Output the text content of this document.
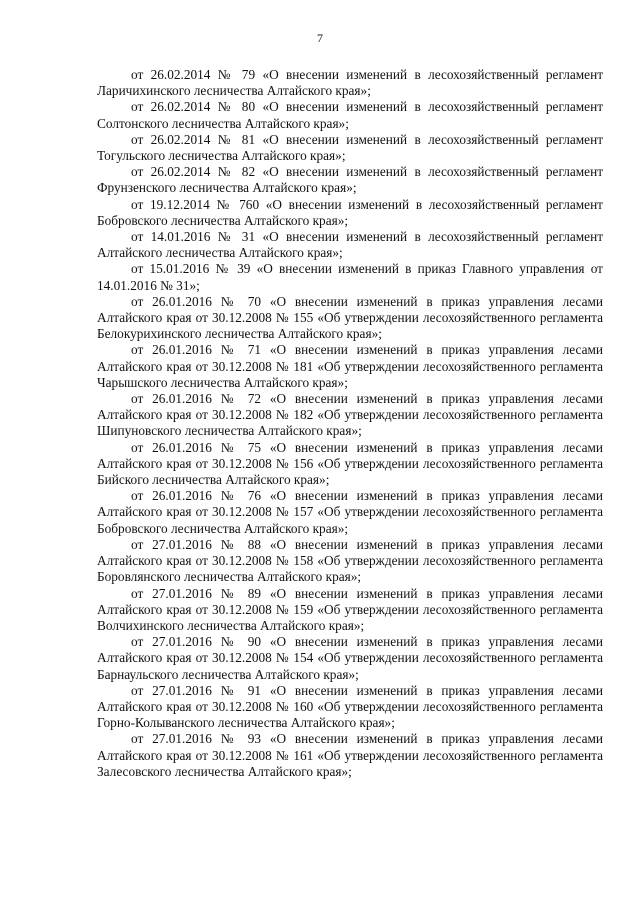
7

от 26.02.2014 № 79 «О внесении изменений в лесохозяйственный регламент Ларичихинского лесничества Алтайского края»;

от 26.02.2014 № 80 «О внесении изменений в лесохозяйственный регламент Солтонского лесничества Алтайского края»;

от 26.02.2014 № 81 «О внесении изменений в лесохозяйственный регламент Тогульского лесничества Алтайского края»;

от 26.02.2014 № 82 «О внесении изменений в лесохозяйственный регламент Фрунзенского лесничества Алтайского края»;

от 19.12.2014 № 760 «О внесении изменений в лесохозяйственный регламент Бобровского лесничества Алтайского края»;

от 14.01.2016 № 31 «О внесении изменений в лесохозяйственный регламент Алтайского лесничества Алтайского края»;

от 15.01.2016 № 39 «О внесении изменений в приказ Главного управления от 14.01.2016 № 31»;

от 26.01.2016 № 70 «О внесении изменений в приказ управления лесами Алтайского края от 30.12.2008 № 155 «Об утверждении лесохозяйственного регламента Белокурихинского лесничества Алтайского края»;

от 26.01.2016 № 71 «О внесении изменений в приказ управления лесами Алтайского края от 30.12.2008 № 181 «Об утверждении лесохозяйственного регламента Чарышского лесничества Алтайского края»;

от 26.01.2016 № 72 «О внесении изменений в приказ управления лесами Алтайского края от 30.12.2008 № 182 «Об утверждении лесохозяйственного регламента Шипуновского лесничества Алтайского края»;

от 26.01.2016 № 75 «О внесении изменений в приказ управления лесами Алтайского края от 30.12.2008 № 156 «Об утверждении лесохозяйственного регламента Бийского лесничества Алтайского края»;

от 26.01.2016 № 76 «О внесении изменений в приказ управления лесами Алтайского края от 30.12.2008 № 157 «Об утверждении лесохозяйственного регламента Бобровского лесничества Алтайского края»;

от 27.01.2016 № 88 «О внесении изменений в приказ управления лесами Алтайского края от 30.12.2008 № 158 «Об утверждении лесохозяйственного регламента Боровлянского лесничества Алтайского края»;

от 27.01.2016 № 89 «О внесении изменений в приказ управления лесами Алтайского края от 30.12.2008 № 159 «Об утверждении лесохозяйственного регламента Волчихинского лесничества Алтайского края»;

от 27.01.2016 № 90 «О внесении изменений в приказ управления лесами Алтайского края от 30.12.2008 № 154 «Об утверждении лесохозяйственного регламента Барнаульского лесничества Алтайского края»;

от 27.01.2016 № 91 «О внесении изменений в приказ управления лесами Алтайского края от 30.12.2008 № 160 «Об утверждении лесохозяйственного регламента Горно-Колыванского лесничества Алтайского края»;

от 27.01.2016 № 93 «О внесении изменений в приказ управления лесами Алтайского края от 30.12.2008 № 161 «Об утверждении лесохозяйственного регламента Залесовского лесничества Алтайского края»;
